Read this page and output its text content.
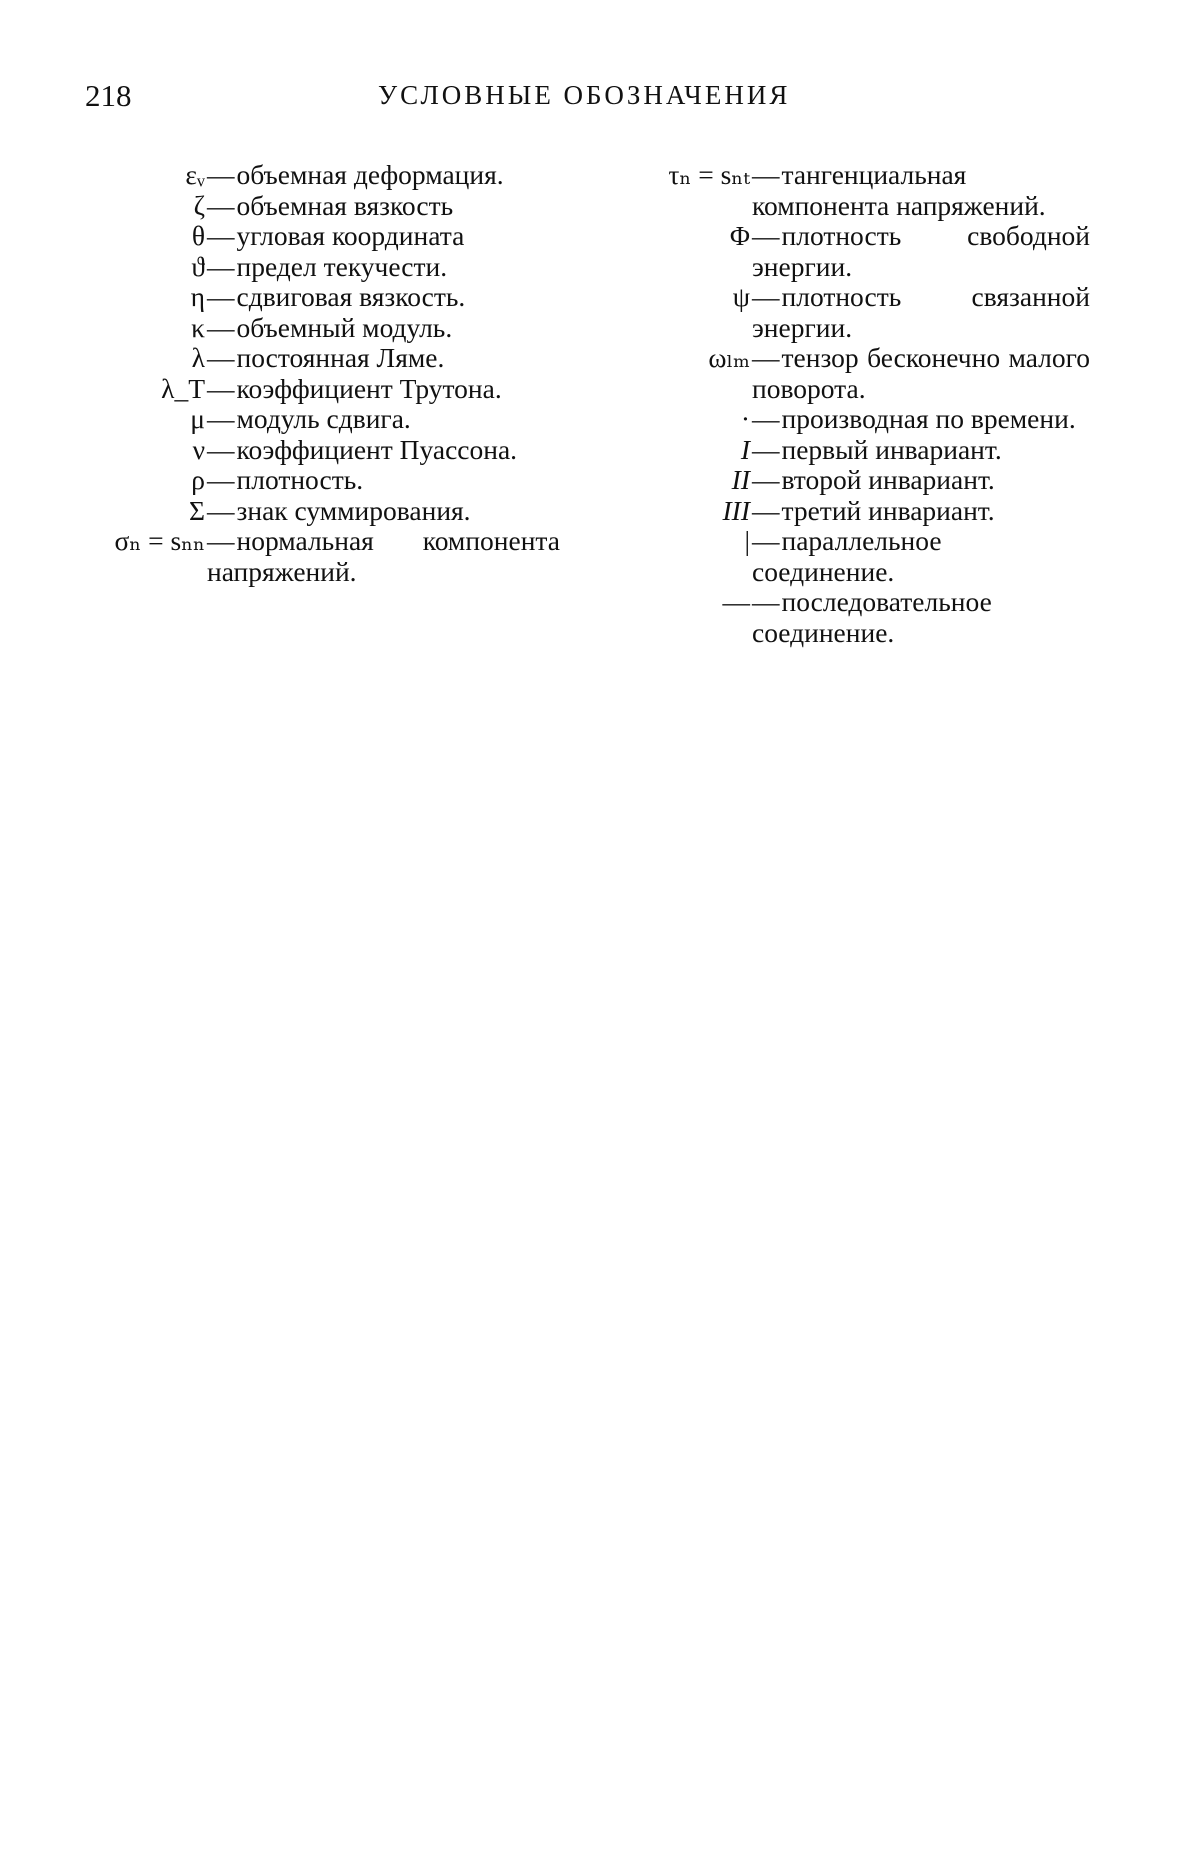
218	УСЛОВНЫЕ ОБОЗНАЧЕНИЯ
εᵥ	— объемная деформация.
ζ	— объемная вязкость
θ	— угловая координата
ϑ	— предел текучести.
η	— сдвиговая вязкость.
κ	— объемный модуль.
λ	— постоянная Ляме.
λ_T	— коэффициент Трутона.
μ	— модуль сдвига.
ν	— коэффициент Пуассона.
ρ	— плотность.
Σ	— знак суммирования.
σₙ = sₙₙ	— нормальная компонента напряжений.
τₙ = sₙₜ	— тангенциальная компонента напряжений.
Φ	— плотность свободной энергии.
ψ	— плотность связанной энергии.
ωₗₘ	— тензор бесконечно малого поворота.
·	— производная по времени.
I	— первый инвариант.
II	— второй инвариант.
III	— третий инвариант.
|	— параллельное соединение.
—	— последовательное соединение.
